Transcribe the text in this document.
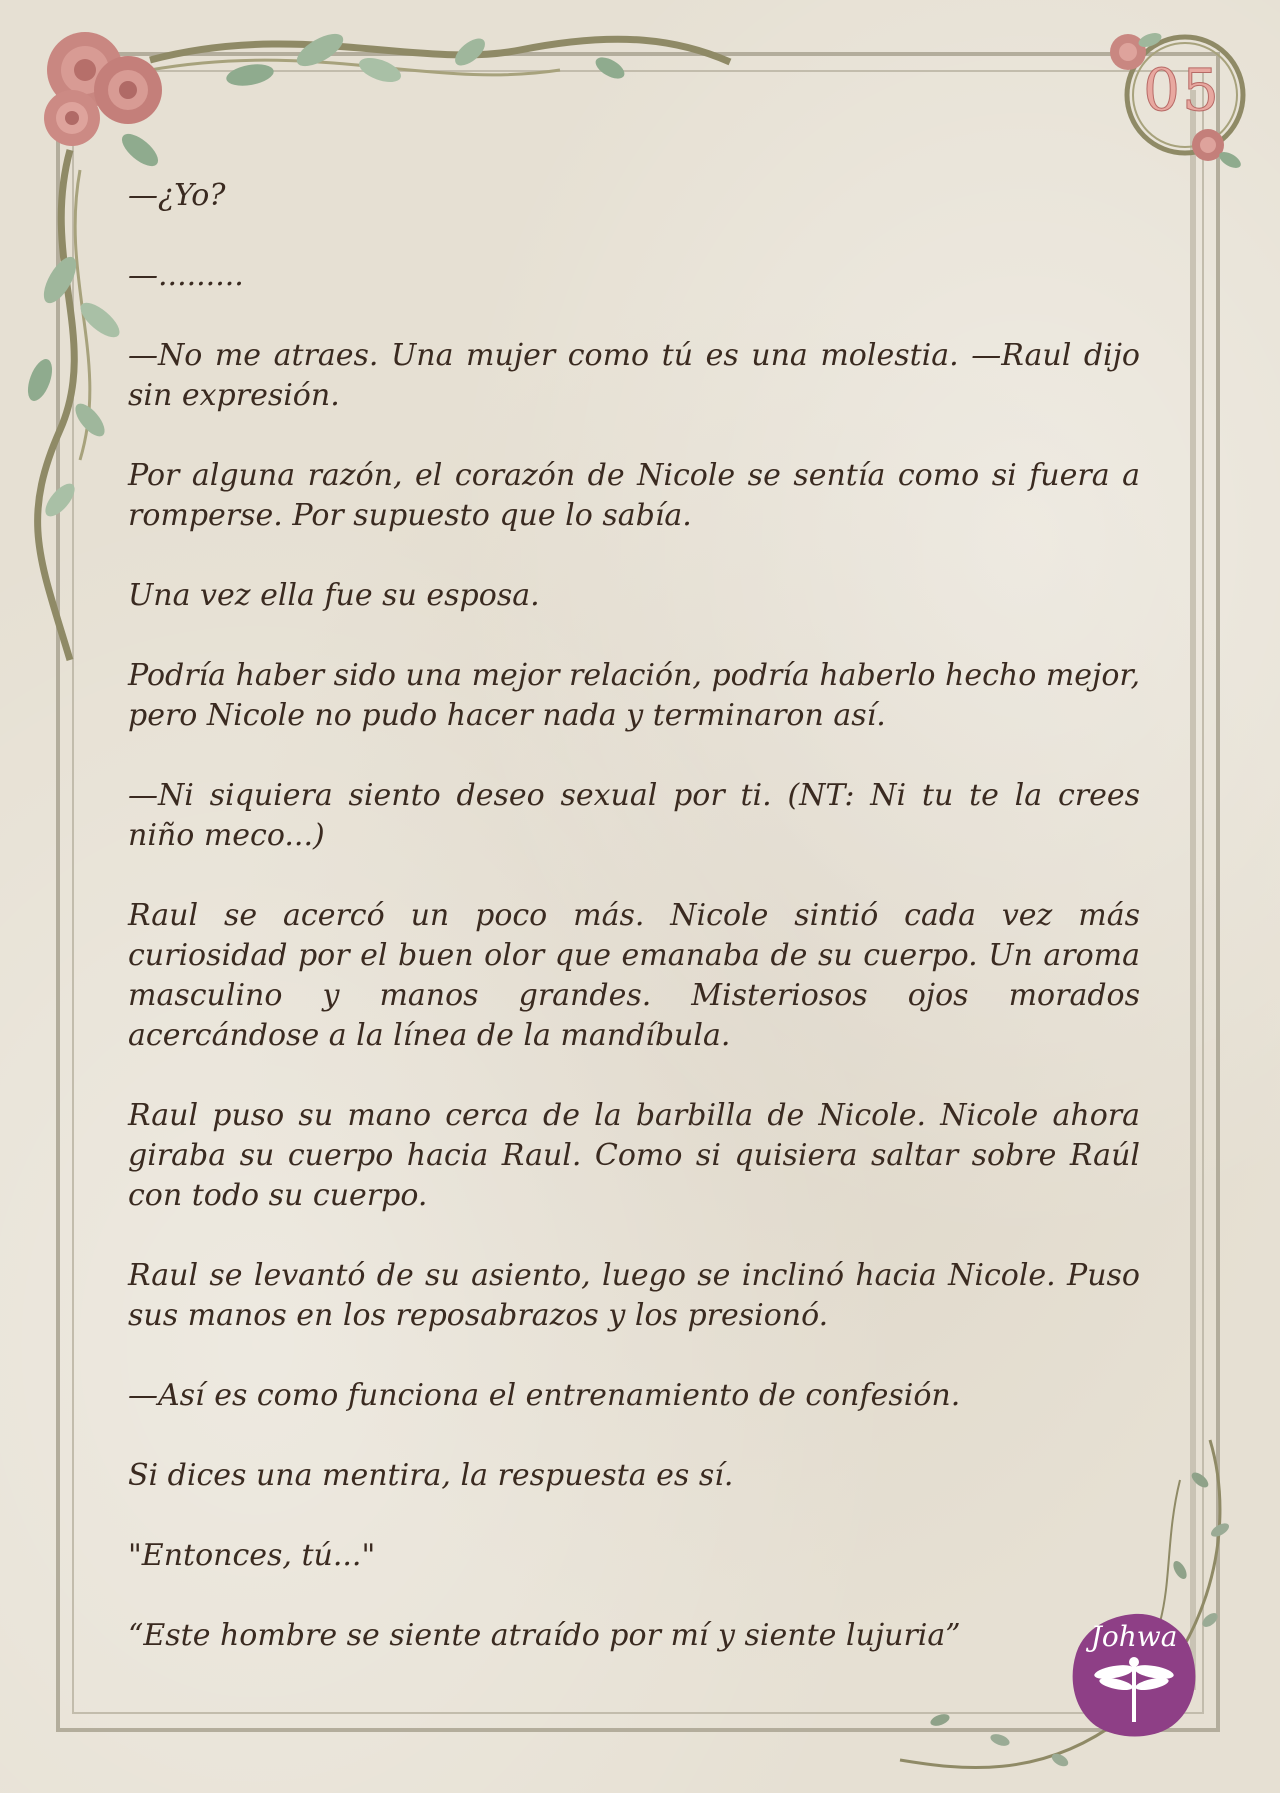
05
Johwa

—¿Yo?

—.........

—No me atraes. Una mujer como tú es una molestia. —Raul dijo sin expresión.

Por alguna razón, el corazón de Nicole se sentía como si fuera a romperse. Por supuesto que lo sabía.

Una vez ella fue su esposa.

Podría haber sido una mejor relación, podría haberlo hecho mejor, pero Nicole no pudo hacer nada y terminaron así.

—Ni siquiera siento deseo sexual por ti. (NT: Ni tu te la crees niño meco...)

Raul se acercó un poco más. Nicole sintió cada vez más curiosidad por el buen olor que emanaba de su cuerpo. Un aroma masculino y manos grandes. Misteriosos ojos morados acercándose a la línea de la mandíbula.

Raul puso su mano cerca de la barbilla de Nicole. Nicole ahora giraba su cuerpo hacia Raul. Como si quisiera saltar sobre Raúl con todo su cuerpo.

Raul se levantó de su asiento, luego se inclinó hacia Nicole. Puso sus manos en los reposabrazos y los presionó.

—Así es como funciona el entrenamiento de confesión.

Si dices una mentira, la respuesta es sí.

"Entonces, tú..."

“Este hombre se siente atraído por mí y siente lujuria”
